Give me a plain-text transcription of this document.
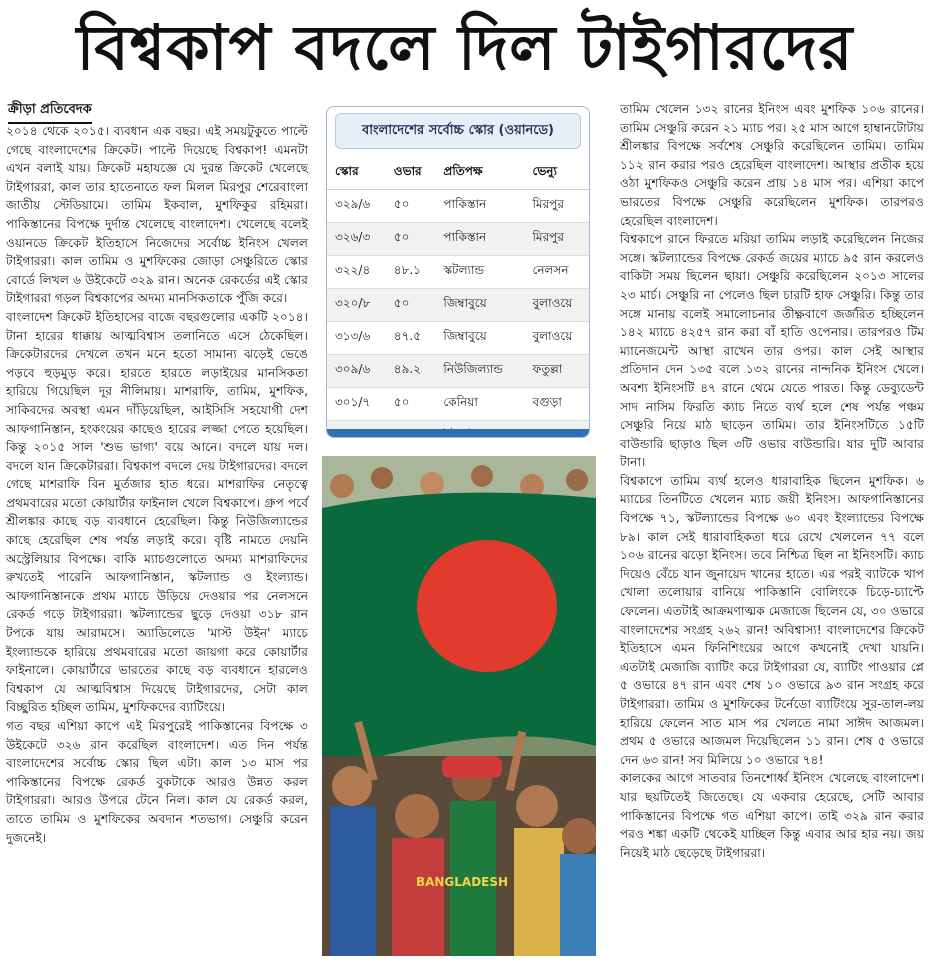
বিশ্বকাপ বদলে দিল টাইগারদের
ক্রীড়া প্রতিবেদক

২০১৪ থেকে ২০১৫। ব্যবধান এক বছর। এই সময়টুকুতে পাল্টে গেছে বাংলাদেশের ক্রিকেট। পাল্টে দিয়েছে বিশ্বকাপ! এমনটা এখন বলাই যায়। ক্রিকেট মহাযজ্ঞে যে দুরন্ত ক্রিকেট খেলেছে টাইগাররা, কাল তার হাতেনাতে ফল মিলল মিরপুর শেরেবাংলা জাতীয় স্টেডিয়ামে। তামিম ইকবাল, মুশফিকুর রহিমরা। পাকিস্তানের বিপক্ষে দুর্দান্ত খেলেছে বাংলাদেশ। খেলেছে বলেই ওয়ানডে ক্রিকেট ইতিহাসে নিজেদের সর্বোচ্চ ইনিংস খেলল টাইগাররা। কাল তামিম ও মুশফিকের জোড়া সেঞ্চুরিতে স্কোর বোর্ডে লিখল ৬ উইকেটে ৩২৯ রান। অনেক রেকর্ডের এই স্কোর টাইগাররা গড়ল বিশ্বকাপের অদম্য মানসিকতাকে পুঁজি করে।

বাংলাদেশ ক্রিকেট ইতিহাসের বাজে বছরগুলোর একটি ২০১৪। টানা হারের ধাক্কায় আত্মবিশ্বাস তলানিতে এসে ঠেকেছিল। ক্রিকেটারদের দেখলে তখন মনে হতো সামান্য ঝড়েই ভেঙে পড়বে হুড়মুড় করে। হারতে হারতে লড়াইয়ের মানসিকতা হারিয়ে গিয়েছিল দূর নীলিমায়। মাশরাফি, তামিম, মুশফিক, সাকিবদের অবস্থা এমন দাঁড়িয়েছিল, আইসিসি সহযোগী দেশ আফগানিস্তান, হংকংয়ের কাছেও হারের লজ্জা পেতে হয়েছিল। কিন্তু ২০১৫ সাল 'শুভ ভাগ্য' বয়ে আনে। বদলে যায় দল। বদলে যান ক্রিকেটাররা। বিশ্বকাপ বদলে দেয় টাইগারদের। বদলে গেছে মাশরাফি বিন মুর্তজার হাত ধরে। মাশরাফির নেতৃত্বে প্রথমবারের মতো কোয়ার্টার ফাইনাল খেলে বিশ্বকাপে। গ্রুপ পর্বে শ্রীলঙ্কার কাছে বড় ব্যবধানে হেরেছিল। কিন্তু নিউজিল্যান্ডের কাছে হেরেছিল শেষ পর্যন্ত লড়াই করে। বৃষ্টি নামতে দেয়নি অস্ট্রেলিয়ার বিপক্ষে। বাকি ম্যাচগুলোতে অদম্য মাশরাফিদের রুখতেই পারেনি আফগানিস্তান, স্কটল্যান্ড ও ইংল্যান্ড। আফগানিস্তানকে প্রথম ম্যাচে উড়িয়ে দেওয়ার পর নেলসনে রেকর্ড গড়ে টাইগাররা। স্কটল্যান্ডের ছুড়ে দেওয়া ৩১৮ রান টপকে যায় আরামসে। অ্যাডিলেডে 'মাস্ট উইন' ম্যাচে ইংল্যান্ডকে হারিয়ে প্রথমবারের মতো জায়গা করে কোয়ার্টার ফাইনালে। কোয়ার্টারে ভারতের কাছে বড় ব্যবধানে হারলেও বিশ্বকাপ যে আত্মবিশ্বাস দিয়েছে টাইগারদের, সেটা কাল বিচ্ছুরিত হচ্ছিল তামিম, মুশফিকদের ব্যাটিংয়ে।

গত বছর এশিয়া কাপে এই মিরপুরেই পাকিস্তানের বিপক্ষে ৩ উইকেটে ৩২৬ রান করেছিল বাংলাদেশ। এত দিন পর্যন্ত বাংলাদেশের সর্বোচ্চ স্কোর ছিল এটা। কাল ১৩ মাস পর পাকিস্তানের বিপক্ষে রেকর্ড বুকটাকে আরও উন্নত করল টাইগাররা। আরও উপরে টেনে নিল। কাল যে রেকর্ড করল, তাতে তামিম ও মুশফিকের অবদান শতভাগ। সেঞ্চুরি করেন দুজনেই।

বাংলাদেশের সর্বোচ্চ স্কোর (ওয়ানডে)
স্কোর	ওভার	প্রতিপক্ষ	ভেন্যু
৩২৯/৬	৫০	পাকিস্তান	মিরপুর
৩২৬/৩	৫০	পাকিস্তান	মিরপুর
৩২২/৪	৪৮.১	স্কটল্যান্ড	নেলসন
৩২০/৮	৫০	জিম্বাবুয়ে	বুলাওয়ে
৩১৩/৬	৪৭.৫	জিম্বাবুয়ে	বুলাওয়ে
৩০৯/৬	৪৯.২	নিউজিল্যান্ড	ফতুল্লা
৩০১/৭	৫০	কেনিয়া	বগুড়া

BANGLADESH

তামিম খেলেন ১৩২ রানের ইনিংস এবং মুশফিক ১০৬ রানের। তামিম সেঞ্চুরি করেন ২১ ম্যাচ পর। ২৫ মাস আগে হাম্বানটোটায় শ্রীলঙ্কার বিপক্ষে সর্বশেষ সেঞ্চুরি করেছিলেন তামিম। তামিম ১১২ রান করার পরও হেরেছিল বাংলাদেশ। আস্থার প্রতীক হয়ে ওঠা মুশফিকও সেঞ্চুরি করেন প্রায় ১৪ মাস পর। এশিয়া কাপে ভারতের বিপক্ষে সেঞ্চুরি করেছিলেন মুশফিক। তারপরও হেরেছিল বাংলাদেশ।

বিশ্বকাপে রানে ফিরতে মরিয়া তামিম লড়াই করেছিলেন নিজের সঙ্গে। স্কটল্যান্ডের বিপক্ষে রেকর্ড জয়ের ম্যাচে ৯৫ রান করলেও বাকিটা সময় ছিলেন ছায়া। সেঞ্চুরি করেছিলেন ২০১৩ সালের ২৩ মার্চ। সেঞ্চুরি না পেলেও ছিল চারটি হাফ সেঞ্চুরি। কিন্তু তার সঙ্গে মানায় বলেই সমালোচনার তীক্ষ্ণবাণে জর্জরিত হচ্ছিলেন ১৪২ ম্যাচে ৪২৫৭ রান করা বাঁ হাতি ওপেনার। তারপরও টিম ম্যানেজমেন্ট আস্থা রাখেন তার ওপর। কাল সেই আস্থার প্রতিদান দেন ১৩৫ বলে ১৩২ রানের নান্দনিক ইনিংস খেলে। অবশ্য ইনিংসটি ৪৭ রানে থেমে যেতে পারত। কিন্তু ডেব্যুডেন্ট সাদ নাসিম ফিরতি ক্যাচ নিতে ব্যর্থ হলে শেষ পর্যন্ত পঞ্চম সেঞ্চুরি নিয়ে মাঠ ছাড়েন তামিম। তার ইনিংসটিতে ১৫টি বাউন্ডারি ছাড়াও ছিল ৩টি ওভার বাউন্ডারি। যার দুটি আবার টানা।

বিশ্বকাপে তামিম ব্যর্থ হলেও ধারাবাহিক ছিলেন মুশফিক। ৬ ম্যাচের তিনটিতে খেলেন ম্যাচ জয়ী ইনিংস। আফগানিস্তানের বিপক্ষে ৭১, স্কটল্যান্ডের বিপক্ষে ৬০ এবং ইংল্যান্ডের বিপক্ষে ৮৯। কাল সেই ধারাবাহিকতা ধরে রেখে খেললেন ৭৭ বলে ১০৬ রানের ঝড়ো ইনিংস। তবে নিশ্চিত্র ছিল না ইনিংসটি। ক্যাচ দিয়েও বেঁচে যান জুনায়েদ খানের হাতে। এর পরই ব্যাটকে খাপ খোলা তলোয়ার বানিয়ে পাকিস্তানি বোলিংকে চিড়ে-চ্যাপ্টে ফেলেন। এতটাই আক্রমণাত্মক মেজাজে ছিলেন যে, ৩০ ওভারে বাংলাদেশের সংগ্রহ ২৬২ রান! অবিশ্বাস্য! বাংলাদেশের ক্রিকেট ইতিহাসে এমন ফিনিশিংয়ের আগে কখনোই দেখা যায়নি। এতটাই মেজাজি ব্যাটিং করে টাইগাররা যে, ব্যাটিং পাওয়ার প্লে ৫ ওভারে ৪৭ রান এবং শেষ ১০ ওভারে ৯৩ রান সংগ্রহ করে টাইগাররা। তামিম ও মুশফিকের টর্নেডো ব্যাটিংয়ে সুর-তাল-লয় হারিয়ে ফেলেন সাত মাস পর খেলতে নামা সাঈদ আজমল। প্রথম ৫ ওভারে আজমল দিয়েছিলেন ১১ রান। শেষ ৫ ওভারে দেন ৬৩ রান! সব মিলিয়ে ১০ ওভারে ৭৪!

কালকের আগে সাতবার তিনশোর্ধ্ব ইনিংস খেলেছে বাংলাদেশ। যার ছয়টিতেই জিতেছে। যে একবার হেরেছে, সেটি আবার পাকিস্তানের বিপক্ষে গত এশিয়া কাপে। তাই ৩২৯ রান করার পরও শঙ্কা একটি থেকেই যাচ্ছিল কিন্তু এবার আর হার নয়। জয় নিয়েই মাঠ ছেড়েছে টাইগাররা।
